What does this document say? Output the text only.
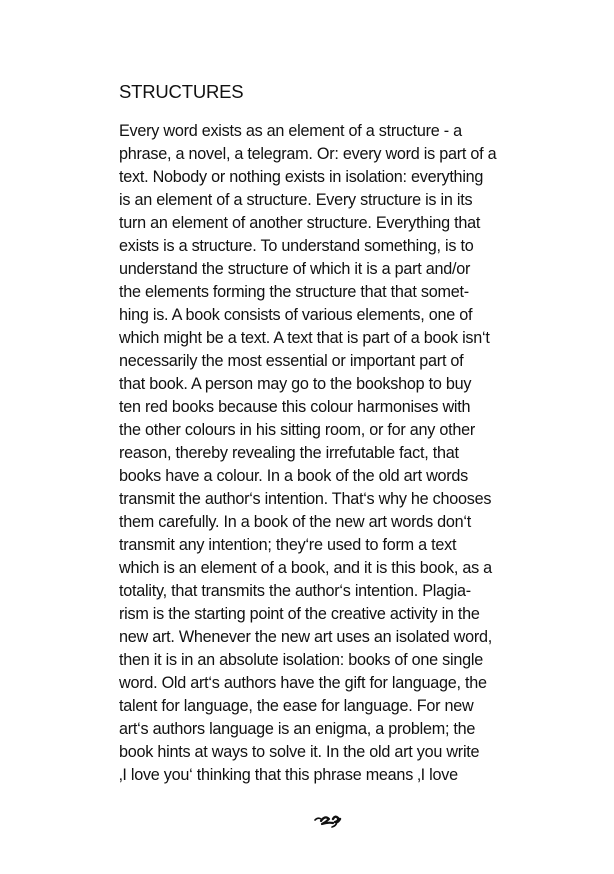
STRUCTURES
Every word exists as an element of a structure - a
phrase, a novel, a telegram. Or: every word is part of a
text. Nobody or nothing exists in isolation: everything
is an element of a structure. Every structure is in its
turn an element of another structure. Everything that
exists is a structure. To understand something, is to
understand the structure of which it is a part and/or
the elements forming the structure that that somet-
hing is. A book consists of various elements, one of
which might be a text. A text that is part of a book isn‘t
necessarily the most essential or important part of
that book. A person may go to the bookshop to buy
ten red books because this colour harmonises with
the other colours in his sitting room, or for any other
reason, thereby revealing the irrefutable fact, that
books have a colour. In a book of the old art words
transmit the author‘s intention. That‘s why he chooses
them carefully. In a book of the new art words don‘t
transmit any intention; they‘re used to form a text
which is an element of a book, and it is this book, as a
totality, that transmits the author‘s intention. Plagia-
rism is the starting point of the creative activity in the
new art. Whenever the new art uses an isolated word,
then it is in an absolute isolation: books of one single
word. Old art‘s authors have the gift for language, the
talent for language, the ease for language. For new
art‘s authors language is an enigma, a problem; the
book hints at ways to solve it. In the old art you write
‚I love you‘ thinking that this phrase means ‚I love
